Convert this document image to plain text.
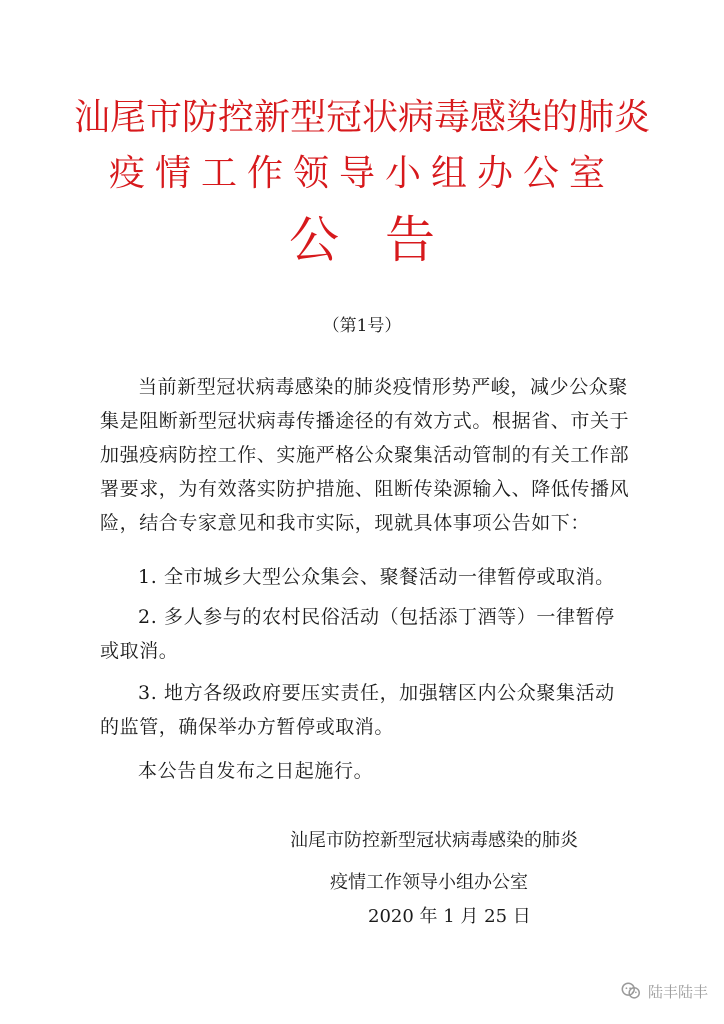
汕尾市防控新型冠状病毒感染的肺炎
疫情工作领导小组办公室
公告
（第1号）
当前新型冠状病毒感染的肺炎疫情形势严峻，减少公众聚集是阻断新型冠状病毒传播途径的有效方式。根据省、市关于加强疫病防控工作、实施严格公众聚集活动管制的有关工作部署要求，为有效落实防护措施、阻断传染源输入、降低传播风险，结合专家意见和我市实际，现就具体事项公告如下：
1. 全市城乡大型公众集会、聚餐活动一律暂停或取消。
2. 多人参与的农村民俗活动（包括添丁酒等）一律暂停或取消。
3. 地方各级政府要压实责任，加强辖区内公众聚集活动的监管，确保举办方暂停或取消。
本公告自发布之日起施行。
汕尾市防控新型冠状病毒感染的肺炎
疫情工作领导小组办公室
2020 年 1 月 25 日
陆丰陆丰
